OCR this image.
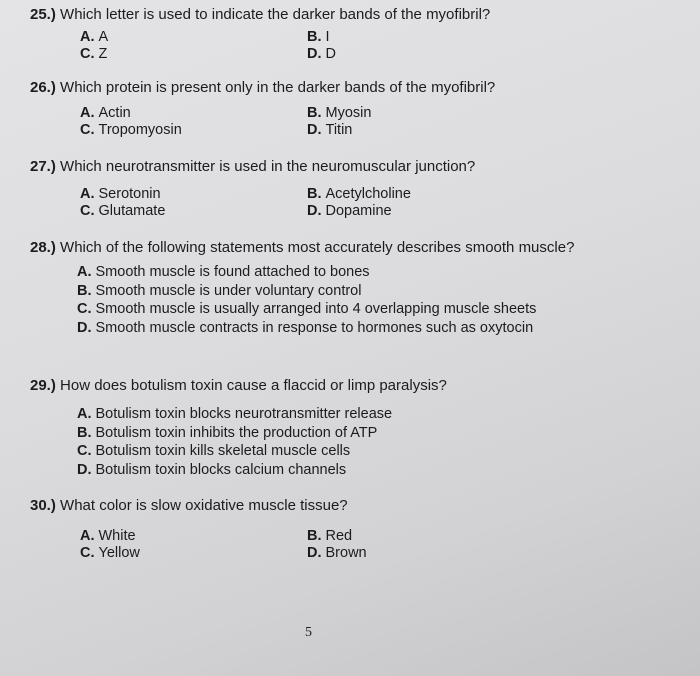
25.) Which letter is used to indicate the darker bands of the myofibril?
A. A	B. I
C. Z	D. D
26.) Which protein is present only in the darker bands of the myofibril?
A. Actin	B. Myosin
C. Tropomyosin	D. Titin
27.) Which neurotransmitter is used in the neuromuscular junction?
A. Serotonin	B. Acetylcholine
C. Glutamate	D. Dopamine
28.) Which of the following statements most accurately describes smooth muscle?
A. Smooth muscle is found attached to bones
B. Smooth muscle is under voluntary control
C. Smooth muscle is usually arranged into 4 overlapping muscle sheets
D. Smooth muscle contracts in response to hormones such as oxytocin
29.) How does botulism toxin cause a flaccid or limp paralysis?
A. Botulism toxin blocks neurotransmitter release
B. Botulism toxin inhibits the production of ATP
C. Botulism toxin kills skeletal muscle cells
D. Botulism toxin blocks calcium channels
30.) What color is slow oxidative muscle tissue?
A. White	B. Red
C. Yellow	D. Brown
5
